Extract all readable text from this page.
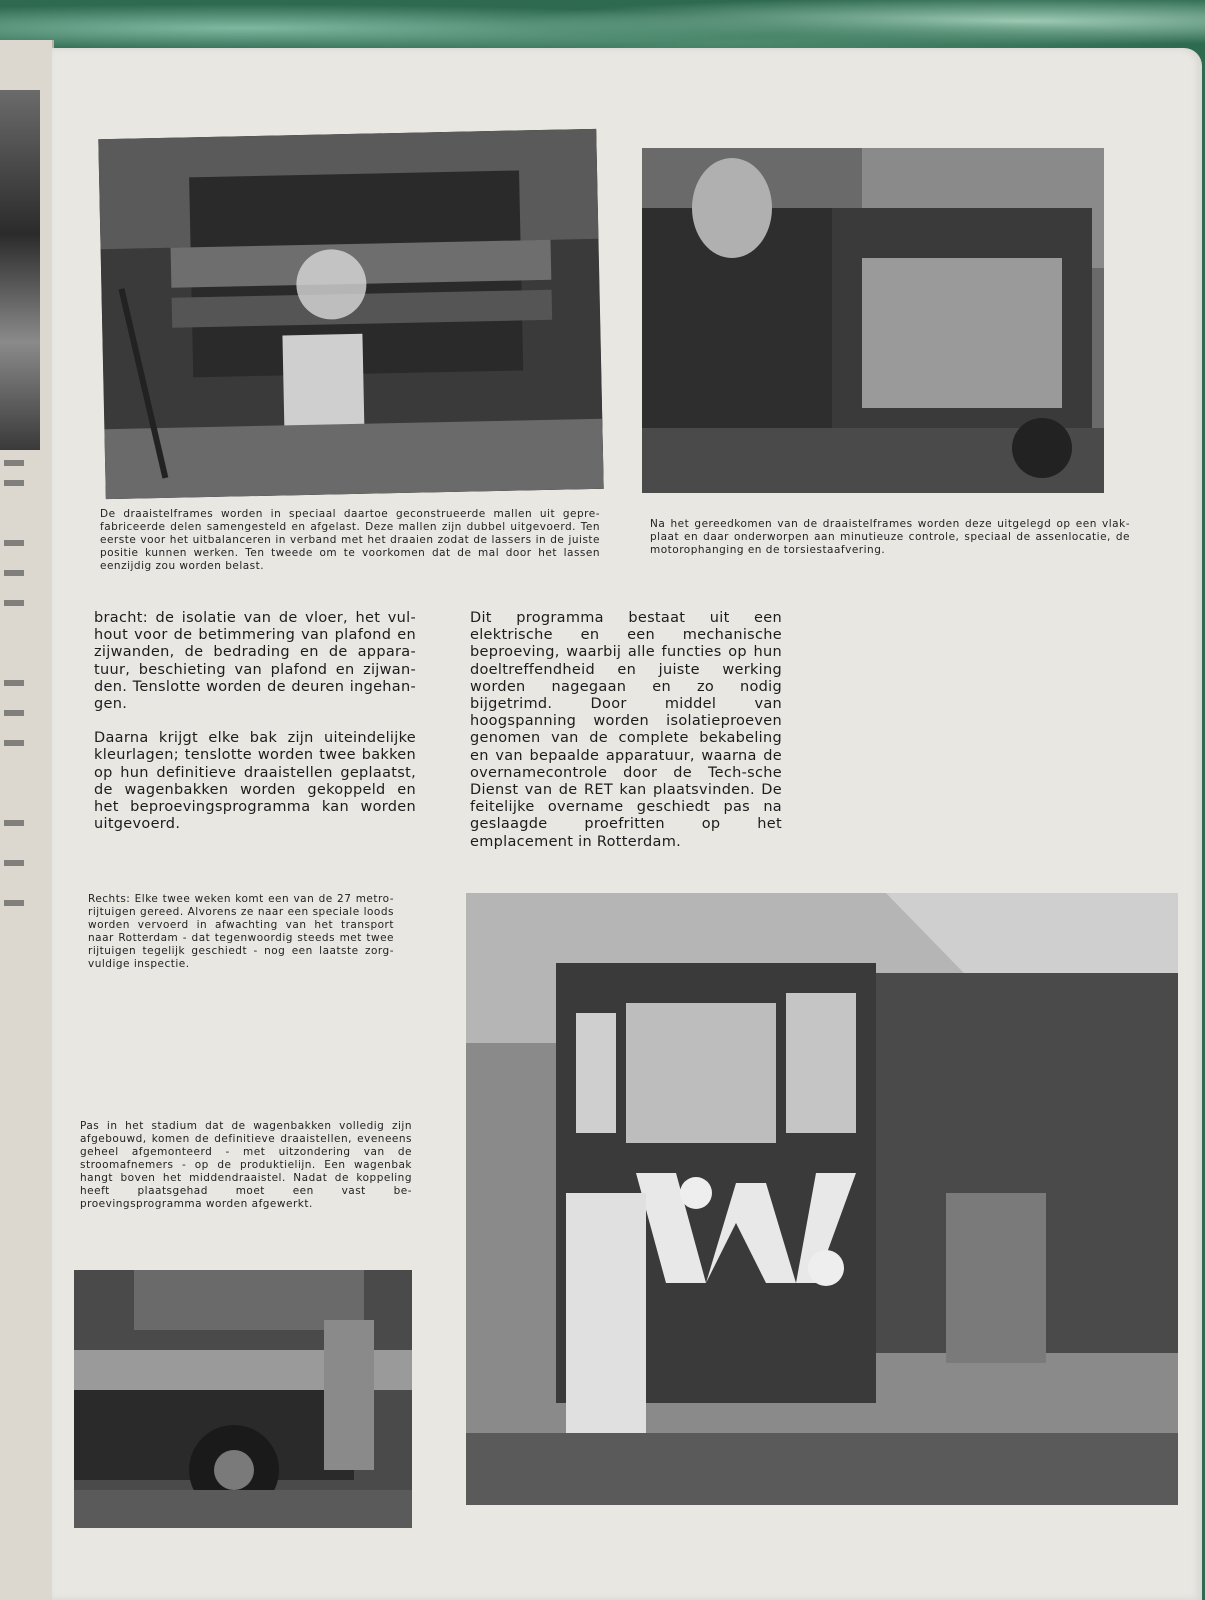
De draaistelframes worden in speciaal daartoe geconstrueerde mallen uit gepre-fabriceerde delen samengesteld en afgelast. Deze mallen zijn dubbel uitgevoerd. Ten eerste voor het uitbalanceren in verband met het draaien zodat de lassers in de juiste positie kunnen werken. Ten tweede om te voorkomen dat de mal door het lassen eenzijdig zou worden belast.
Na het gereedkomen van de draaistelframes worden deze uitgelegd op een vlak-plaat en daar onderworpen aan minutieuze controle, speciaal de assenlocatie, de motorophanging en de torsiestaafvering.

bracht: de isolatie van de vloer, het vul-hout voor de betimmering van plafond en zijwanden, de bedrading en de appara-tuur, beschieting van plafond en zijwan-den. Tenslotte worden de deuren ingehan-gen.

Daarna krijgt elke bak zijn uiteindelijke kleurlagen; tenslotte worden twee bakken op hun definitieve draaistellen geplaatst, de wagenbakken worden gekoppeld en het beproevingsprogramma kan worden uitgevoerd.

Dit programma bestaat uit een elektrische en een mechanische beproeving, waarbij alle functies op hun doeltreffendheid en juiste werking worden nagegaan en zo nodig bijgetrimd. Door middel van hoogspanning worden isolatieproeven genomen van de complete bekabeling en van bepaalde apparatuur, waarna de overnamecontrole door de Tech-sche Dienst van de RET kan plaatsvinden. De feitelijke overname geschiedt pas na geslaagde proefritten op het emplacement in Rotterdam.

Rechts: Elke twee weken komt een van de 27 metro-rijtuigen gereed. Alvorens ze naar een speciale loods worden vervoerd in afwachting van het transport naar Rotterdam - dat tegenwoordig steeds met twee rijtuigen tegelijk geschiedt - nog een laatste zorg-vuldige inspectie.
Pas in het stadium dat de wagenbakken volledig zijn afgebouwd, komen de definitieve draaistellen, eveneens geheel afgemonteerd - met uitzondering van de stroomafnemers - op de produktielijn. Een wagenbak hangt boven het middendraaistel. Nadat de koppeling heeft plaatsgehad moet een vast be-proevingsprogramma worden afgewerkt.
